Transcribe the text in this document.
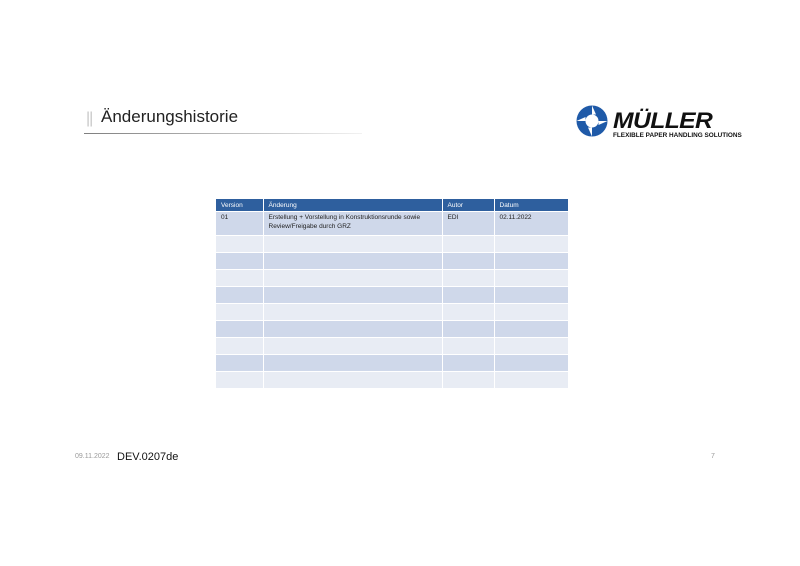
|| Änderungshistorie	MÜLLER
FLEXIBLE PAPER HANDLING SOLUTIONS
Version	Änderung	Autor	Datum
01	Erstellung + Vorstellung in Konstruktionsrunde sowie Review/Freigabe durch GRZ	EDI	02.11.2022

09.11.2022 DEV.0207de	7
